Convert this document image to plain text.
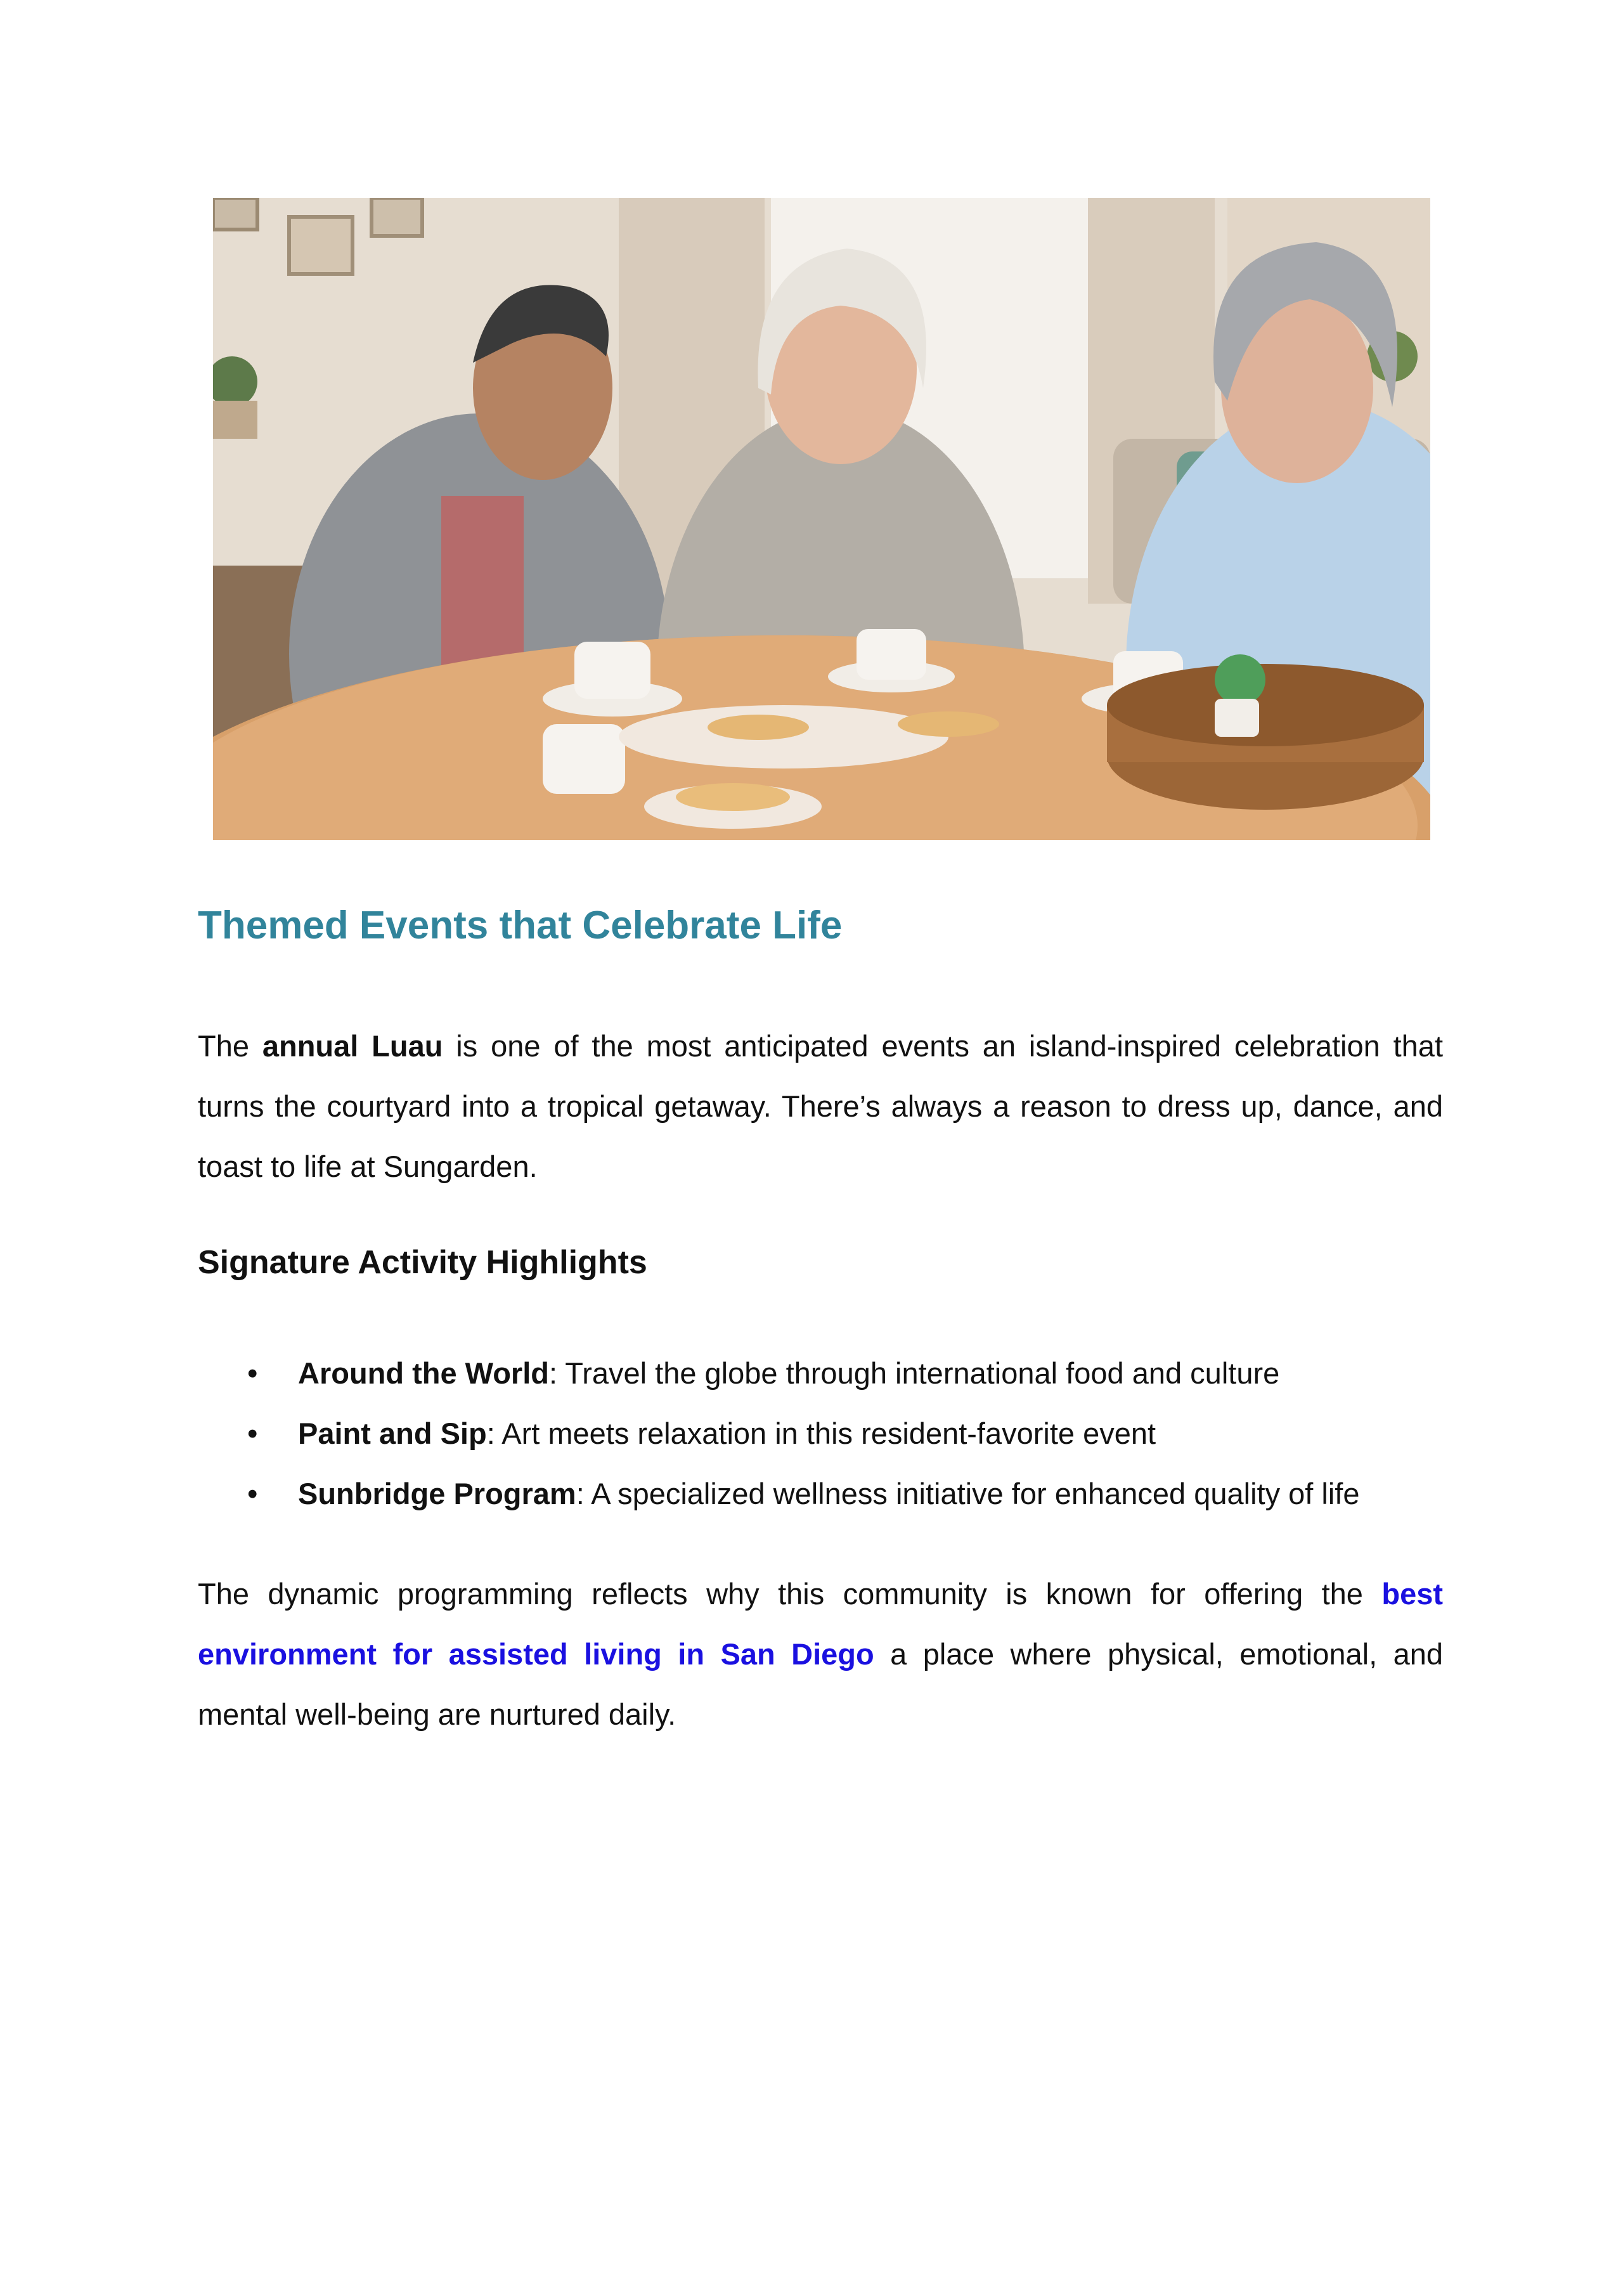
Themed Events that Celebrate Life

The annual Luau is one of the most anticipated events an island-inspired celebration that turns the courtyard into a tropical getaway. There’s always a reason to dress up, dance, and toast to life at Sungarden.

Signature Activity Highlights
• Around the World: Travel the globe through international food and culture
• Paint and Sip: Art meets relaxation in this resident-favorite event
• Sunbridge Program: A specialized wellness initiative for enhanced quality of life

The dynamic programming reflects why this community is known for offering the best environment for assisted living in San Diego a place where physical, emotional, and mental well-being are nurtured daily.
